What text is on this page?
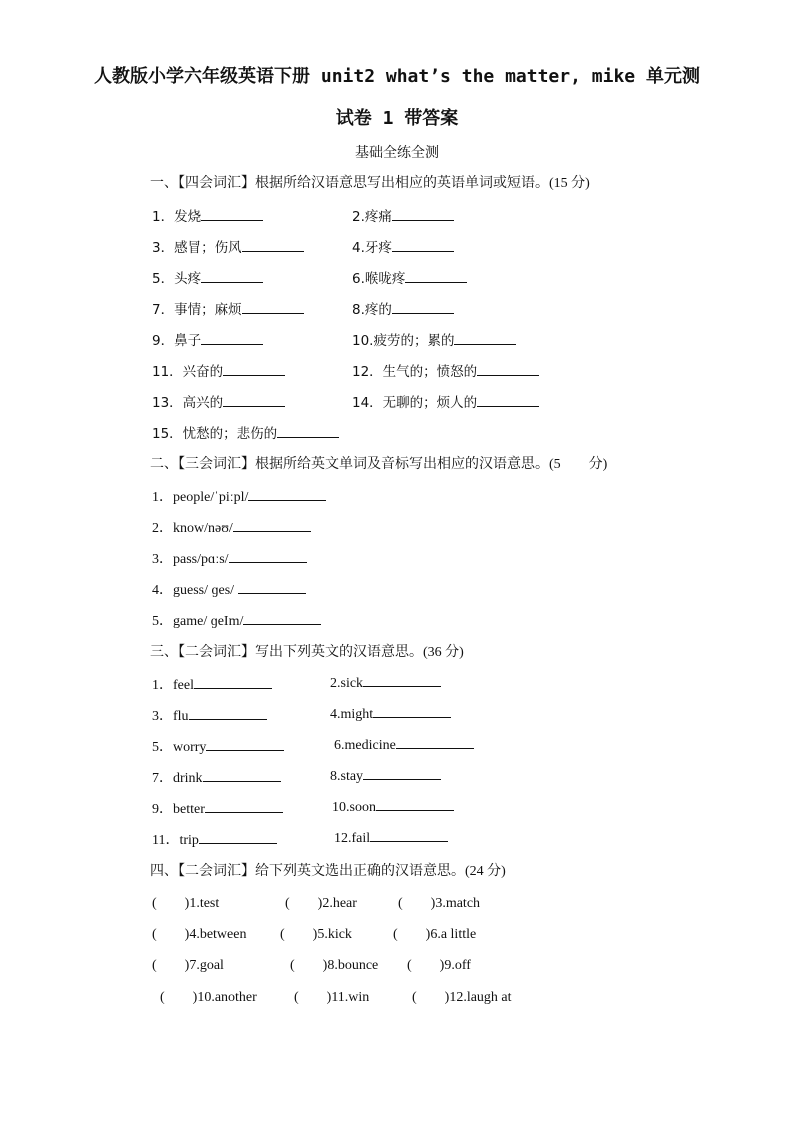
人教版小学六年级英语下册 unit2 what’s the matter, mike 单元测
试卷 1 带答案
基础全练全测
一、【四会词汇】根据所给汉语意思写出相应的英语单词或短语。(15 分)
1．发烧	2.疼痛
3．感冒；伤风	4.牙疼
5．头疼	6.喉咙疼
7．事情；麻烦	8.疼的
9．鼻子	10.疲劳的；累的
11．兴奋的	12．生气的；愤怒的
13．高兴的	14．无聊的；烦人的
15．忧愁的；悲伤的
二、【三会词汇】根据所给英文单词及音标写出相应的汉语意思。(5　　分)
1．people/ˈpiːpl/
2．know/nəʊ/
3．pass/pɑːs/
4．guess/ ɡes/
5．game/ ɡeIm/
三、【二会词汇】写出下列英文的汉语意思。(36 分)
1．feel	2.sick
3．flu	4.might
5．worry	6.medicine
7．drink	8.stay
9．better	10.soon
11．trip	12.fail
四、【二会词汇】给下列英文选出正确的汉语意思。(24 分)
(　　)1.test	(　　)2.hear	(　　)3.match
(　　)4.between (　　)5.kick	(　　)6.a little
(　　)7.goal	(　　)8.bounce (　　)9.off
(　　)10.another	(　　)11.win	(　　)12.laugh at
